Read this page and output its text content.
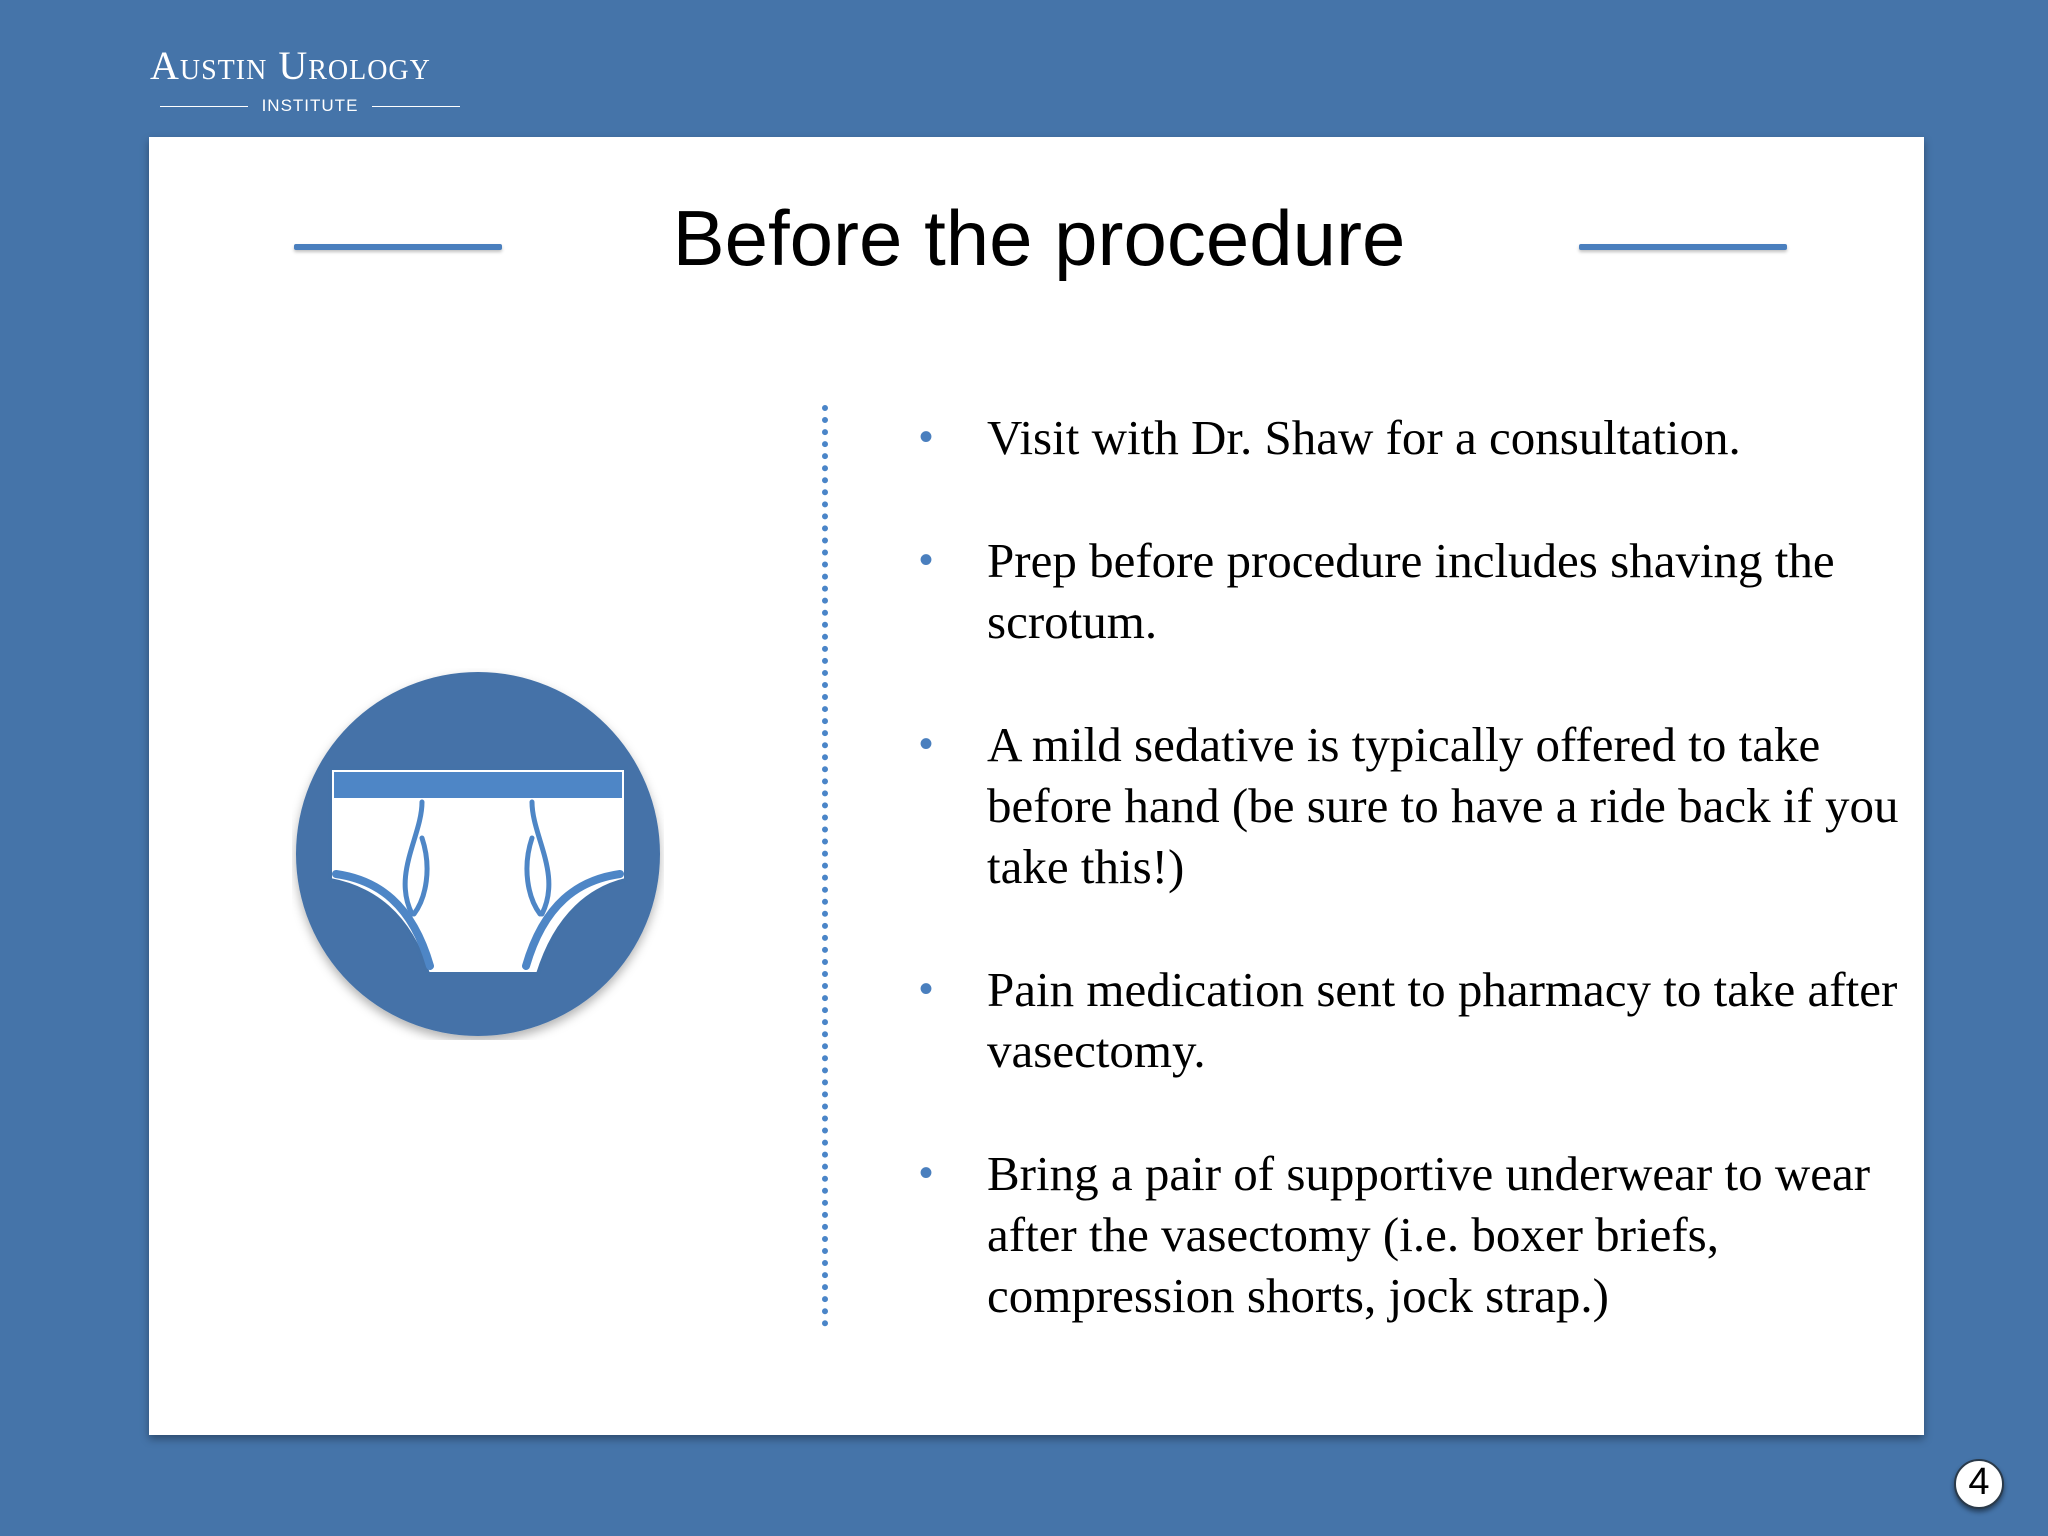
Austin Urology
INSTITUTE
Before the procedure
• Visit with Dr. Shaw for a consultation.
• Prep before procedure includes shaving the scrotum.
• A mild sedative is typically offered to take before hand (be sure to have a ride back if you take this!)
• Pain medication sent to pharmacy to take after vasectomy.
• Bring a pair of supportive underwear to wear after the vasectomy (i.e. boxer briefs, compression shorts, jock strap.)
4
